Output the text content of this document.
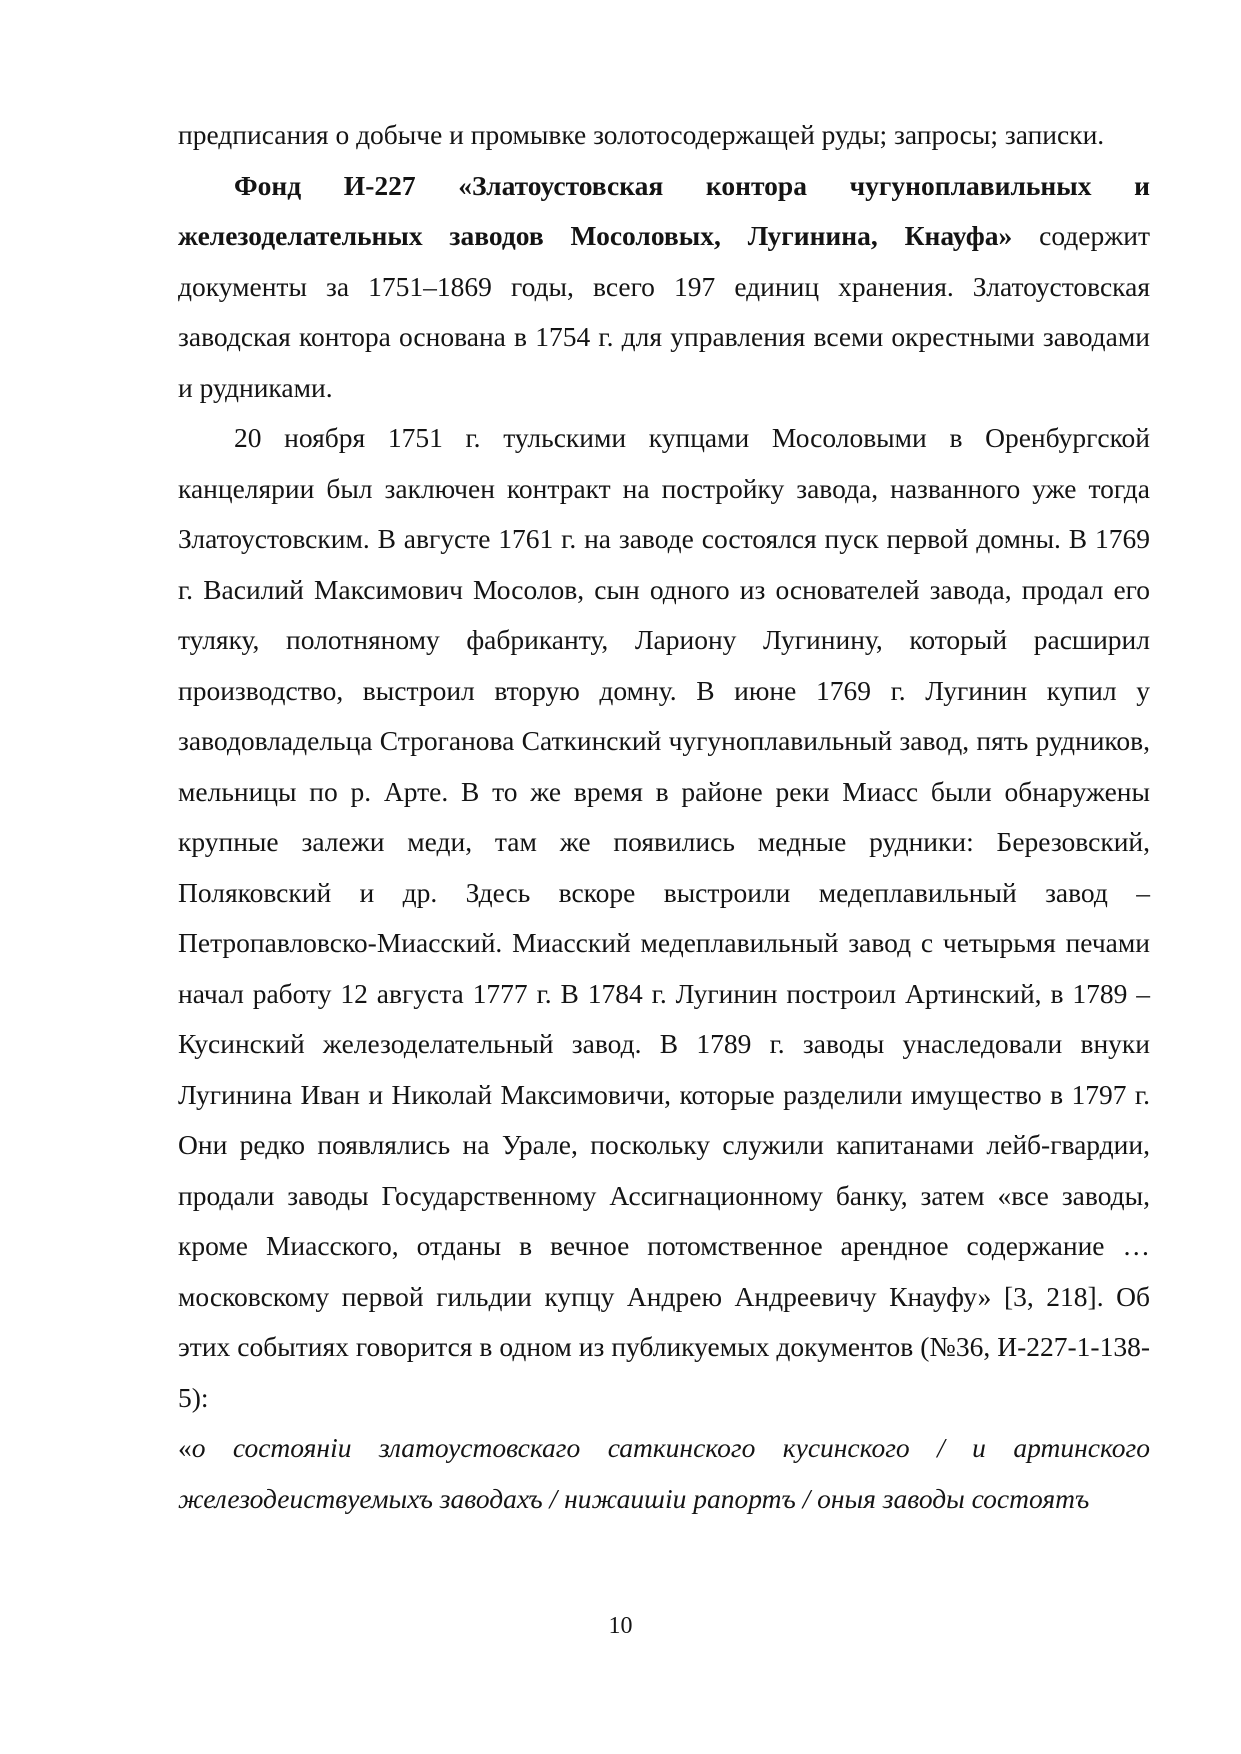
предписания о добыче и промывке золотосодержащей руды; запросы; записки.

Фонд И-227 «Златоустовская контора чугуноплавильных и железоделательных заводов Мосоловых, Лугинина, Кнауфа» содержит документы за 1751–1869 годы, всего 197 единиц хранения. Златоустовская заводская контора основана в 1754 г. для управления всеми окрестными заводами и рудниками.

20 ноября 1751 г. тульскими купцами Мосоловыми в Оренбургской канцелярии был заключен контракт на постройку завода, названного уже тогда Златоустовским. В августе 1761 г. на заводе состоялся пуск первой домны. В 1769 г. Василий Максимович Мосолов, сын одного из основателей завода, продал его туляку, полотняному фабриканту, Лариону Лугинину, который расширил производство, выстроил вторую домну. В июне 1769 г. Лугинин купил у заводовладельца Строганова Саткинский чугуноплавильный завод, пять рудников, мельницы по р. Арте. В то же время в районе реки Миасс были обнаружены крупные залежи меди, там же появились медные рудники: Березовский, Поляковский и др. Здесь вскоре выстроили медеплавильный завод – Петропавловско-Миасский. Миасский медеплавильный завод с четырьмя печами начал работу 12 августа 1777 г. В 1784 г. Лугинин построил Артинский, в 1789 – Кусинский железоделательный завод. В 1789 г. заводы унаследовали внуки Лугинина Иван и Николай Максимовичи, которые разделили имущество в 1797 г. Они редко появлялись на Урале, поскольку служили капитанами лейб-гвардии, продали заводы Государственному Ассигнационному банку, затем «все заводы, кроме Миасского, отданы в вечное потомственное арендное содержание … московскому первой гильдии купцу Андрею Андреевичу Кнауфу» [3, 218]. Об этих событиях говорится в одном из публикуемых документов (№36, И-227-1-138-5):

«о состоянiи златоустовскаго саткинского кусинского / и артинского железодеиствуемыхъ заводахъ / нижаишiи рапортъ / оныя заводы состоятъ

10
